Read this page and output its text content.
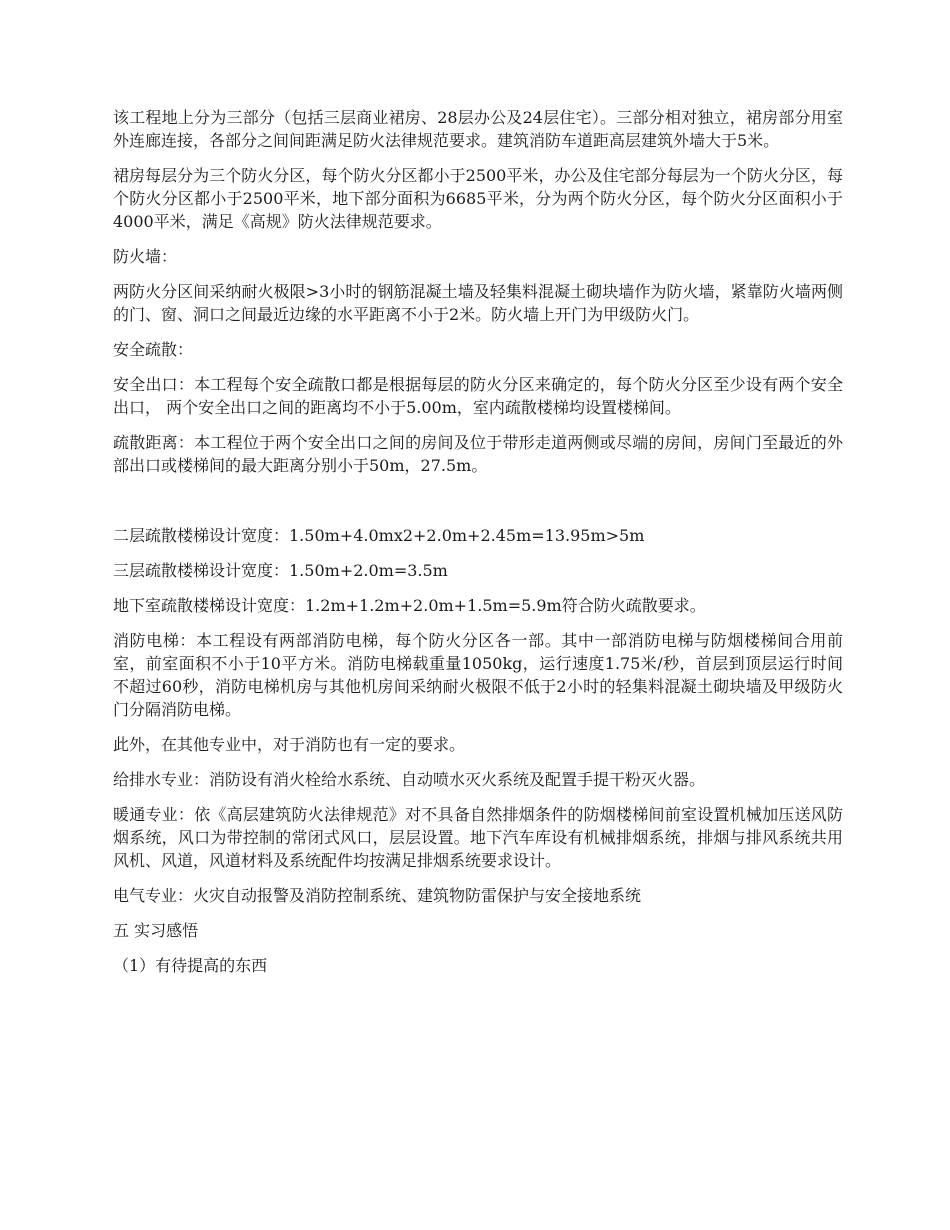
该工程地上分为三部分（包括三层商业裙房、28层办公及24层住宅）。三部分相对独立，裙房部分用室外连廊连接，各部分之间间距满足防火法律规范要求。建筑消防车道距高层建筑外墙大于5米。

裙房每层分为三个防火分区，每个防火分区都小于2500平米，办公及住宅部分每层为一个防火分区，每个防火分区都小于2500平米，地下部分面积为6685平米，分为两个防火分区，每个防火分区面积小于4000平米，满足《高规》防火法律规范要求。

防火墙：

两防火分区间采纳耐火极限>3小时的钢筋混凝土墙及轻集料混凝土砌块墙作为防火墙，紧靠防火墙两侧的门、窗、洞口之间最近边缘的水平距离不小于2米。防火墙上开门为甲级防火门。

安全疏散：

安全出口：本工程每个安全疏散口都是根据每层的防火分区来确定的，每个防火分区至少设有两个安全出口， 两个安全出口之间的距离均不小于5.00m，室内疏散楼梯均设置楼梯间。

疏散距离：本工程位于两个安全出口之间的房间及位于带形走道两侧或尽端的房间，房间门至最近的外部出口或楼梯间的最大距离分别小于50m，27.5m。

二层疏散楼梯设计宽度：1.50m+4.0mx2+2.0m+2.45m=13.95m>5m

三层疏散楼梯设计宽度：1.50m+2.0m=3.5m

地下室疏散楼梯设计宽度：1.2m+1.2m+2.0m+1.5m=5.9m符合防火疏散要求。

消防电梯：本工程设有两部消防电梯，每个防火分区各一部。其中一部消防电梯与防烟楼梯间合用前室，前室面积不小于10平方米。消防电梯载重量1050kg，运行速度1.75米/秒，首层到顶层运行时间不超过60秒，消防电梯机房与其他机房间采纳耐火极限不低于2小时的轻集料混凝土砌块墙及甲级防火门分隔消防电梯。

此外，在其他专业中，对于消防也有一定的要求。

给排水专业：消防设有消火栓给水系统、自动喷水灭火系统及配置手提干粉灭火器。

暖通专业：依《高层建筑防火法律规范》对不具备自然排烟条件的防烟楼梯间前室设置机械加压送风防烟系统，风口为带控制的常闭式风口，层层设置。地下汽车库设有机械排烟系统，排烟与排风系统共用风机、风道，风道材料及系统配件均按满足排烟系统要求设计。

电气专业：火灾自动报警及消防控制系统、建筑物防雷保护与安全接地系统

五 实习感悟

（1）有待提高的东西
